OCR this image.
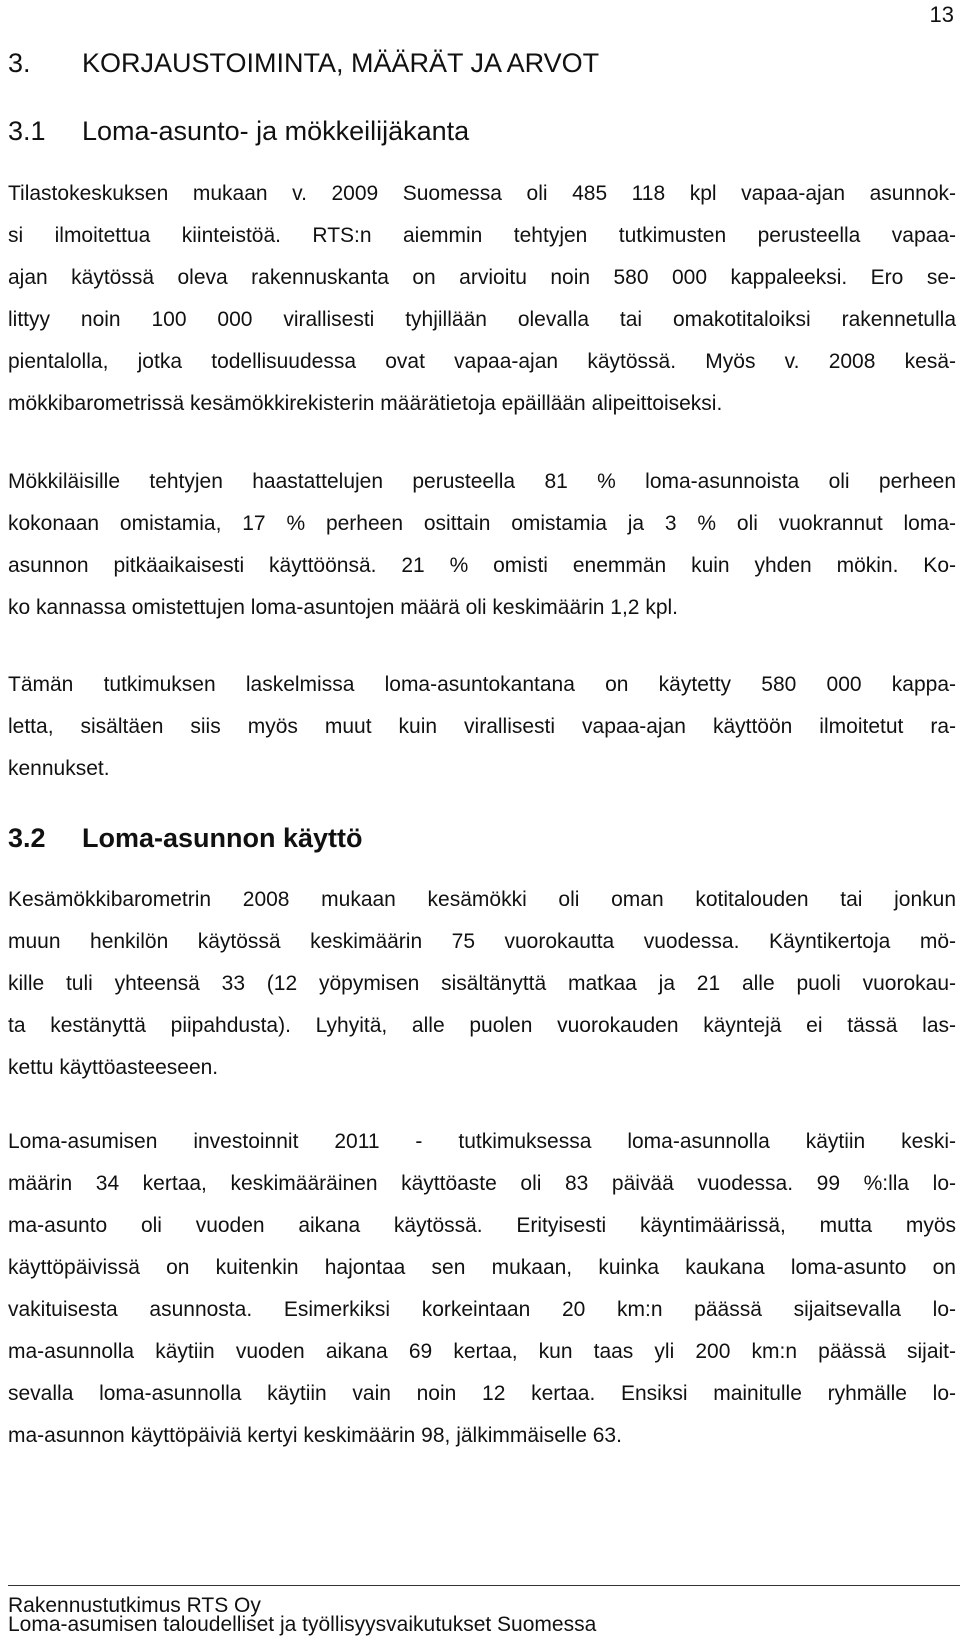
13
3. KORJAUSTOIMINTA, MÄÄRÄT JA ARVOT
3.1 Loma-asunto- ja mökkeilijäkanta
Tilastokeskuksen mukaan v. 2009 Suomessa oli 485 118 kpl vapaa-ajan asunnok-
si ilmoitettua kiinteistöä. RTS:n aiemmin tehtyjen tutkimusten perusteella vapaa-
ajan käytössä oleva rakennuskanta on arvioitu noin 580 000 kappaleeksi. Ero se-
littyy noin 100 000 virallisesti tyhjillään olevalla tai omakotitaloiksi rakennetulla
pientalolla, jotka todellisuudessa ovat vapaa-ajan käytössä. Myös v. 2008 kesä-
mökkibarometrissä kesämökkirekisterin määrätietoja epäillään alipeittoiseksi.
Mökkiläisille tehtyjen haastattelujen perusteella 81 % loma-asunnoista oli perheen
kokonaan omistamia, 17 % perheen osittain omistamia ja 3 % oli vuokrannut loma-
asunnon pitkäaikaisesti käyttöönsä. 21 % omisti enemmän kuin yhden mökin. Ko-
ko kannassa omistettujen loma-asuntojen määrä oli keskimäärin 1,2 kpl.
Tämän tutkimuksen laskelmissa loma-asuntokantana on käytetty 580 000 kappa-
letta, sisältäen siis myös muut kuin virallisesti vapaa-ajan käyttöön ilmoitetut ra-
kennukset.
3.2 Loma-asunnon käyttö
Kesämökkibarometrin 2008 mukaan kesämökki oli oman kotitalouden tai jonkun
muun henkilön käytössä keskimäärin 75 vuorokautta vuodessa. Käyntikertoja mö-
kille tuli yhteensä 33 (12 yöpymisen sisältänyttä matkaa ja 21 alle puoli vuorokau-
ta kestänyttä piipahdusta). Lyhyitä, alle puolen vuorokauden käyntejä ei tässä las-
kettu käyttöasteeseen.
Loma-asumisen investoinnit 2011 - tutkimuksessa loma-asunnolla käytiin keski-
määrin 34 kertaa, keskimääräinen käyttöaste oli 83 päivää vuodessa. 99 %:lla lo-
ma-asunto oli vuoden aikana käytössä. Erityisesti käyntimäärissä, mutta myös
käyttöpäivissä on kuitenkin hajontaa sen mukaan, kuinka kaukana loma-asunto on
vakituisesta asunnosta. Esimerkiksi korkeintaan 20 km:n päässä sijaitsevalla lo-
ma-asunnolla käytiin vuoden aikana 69 kertaa, kun taas yli 200 km:n päässä sijait-
sevalla loma-asunnolla käytiin vain noin 12 kertaa. Ensiksi mainitulle ryhmälle lo-
ma-asunnon käyttöpäiviä kertyi keskimäärin 98, jälkimmäiselle 63.
Rakennustutkimus RTS Oy
Loma-asumisen taloudelliset ja työllisyysvaikutukset Suomessa
